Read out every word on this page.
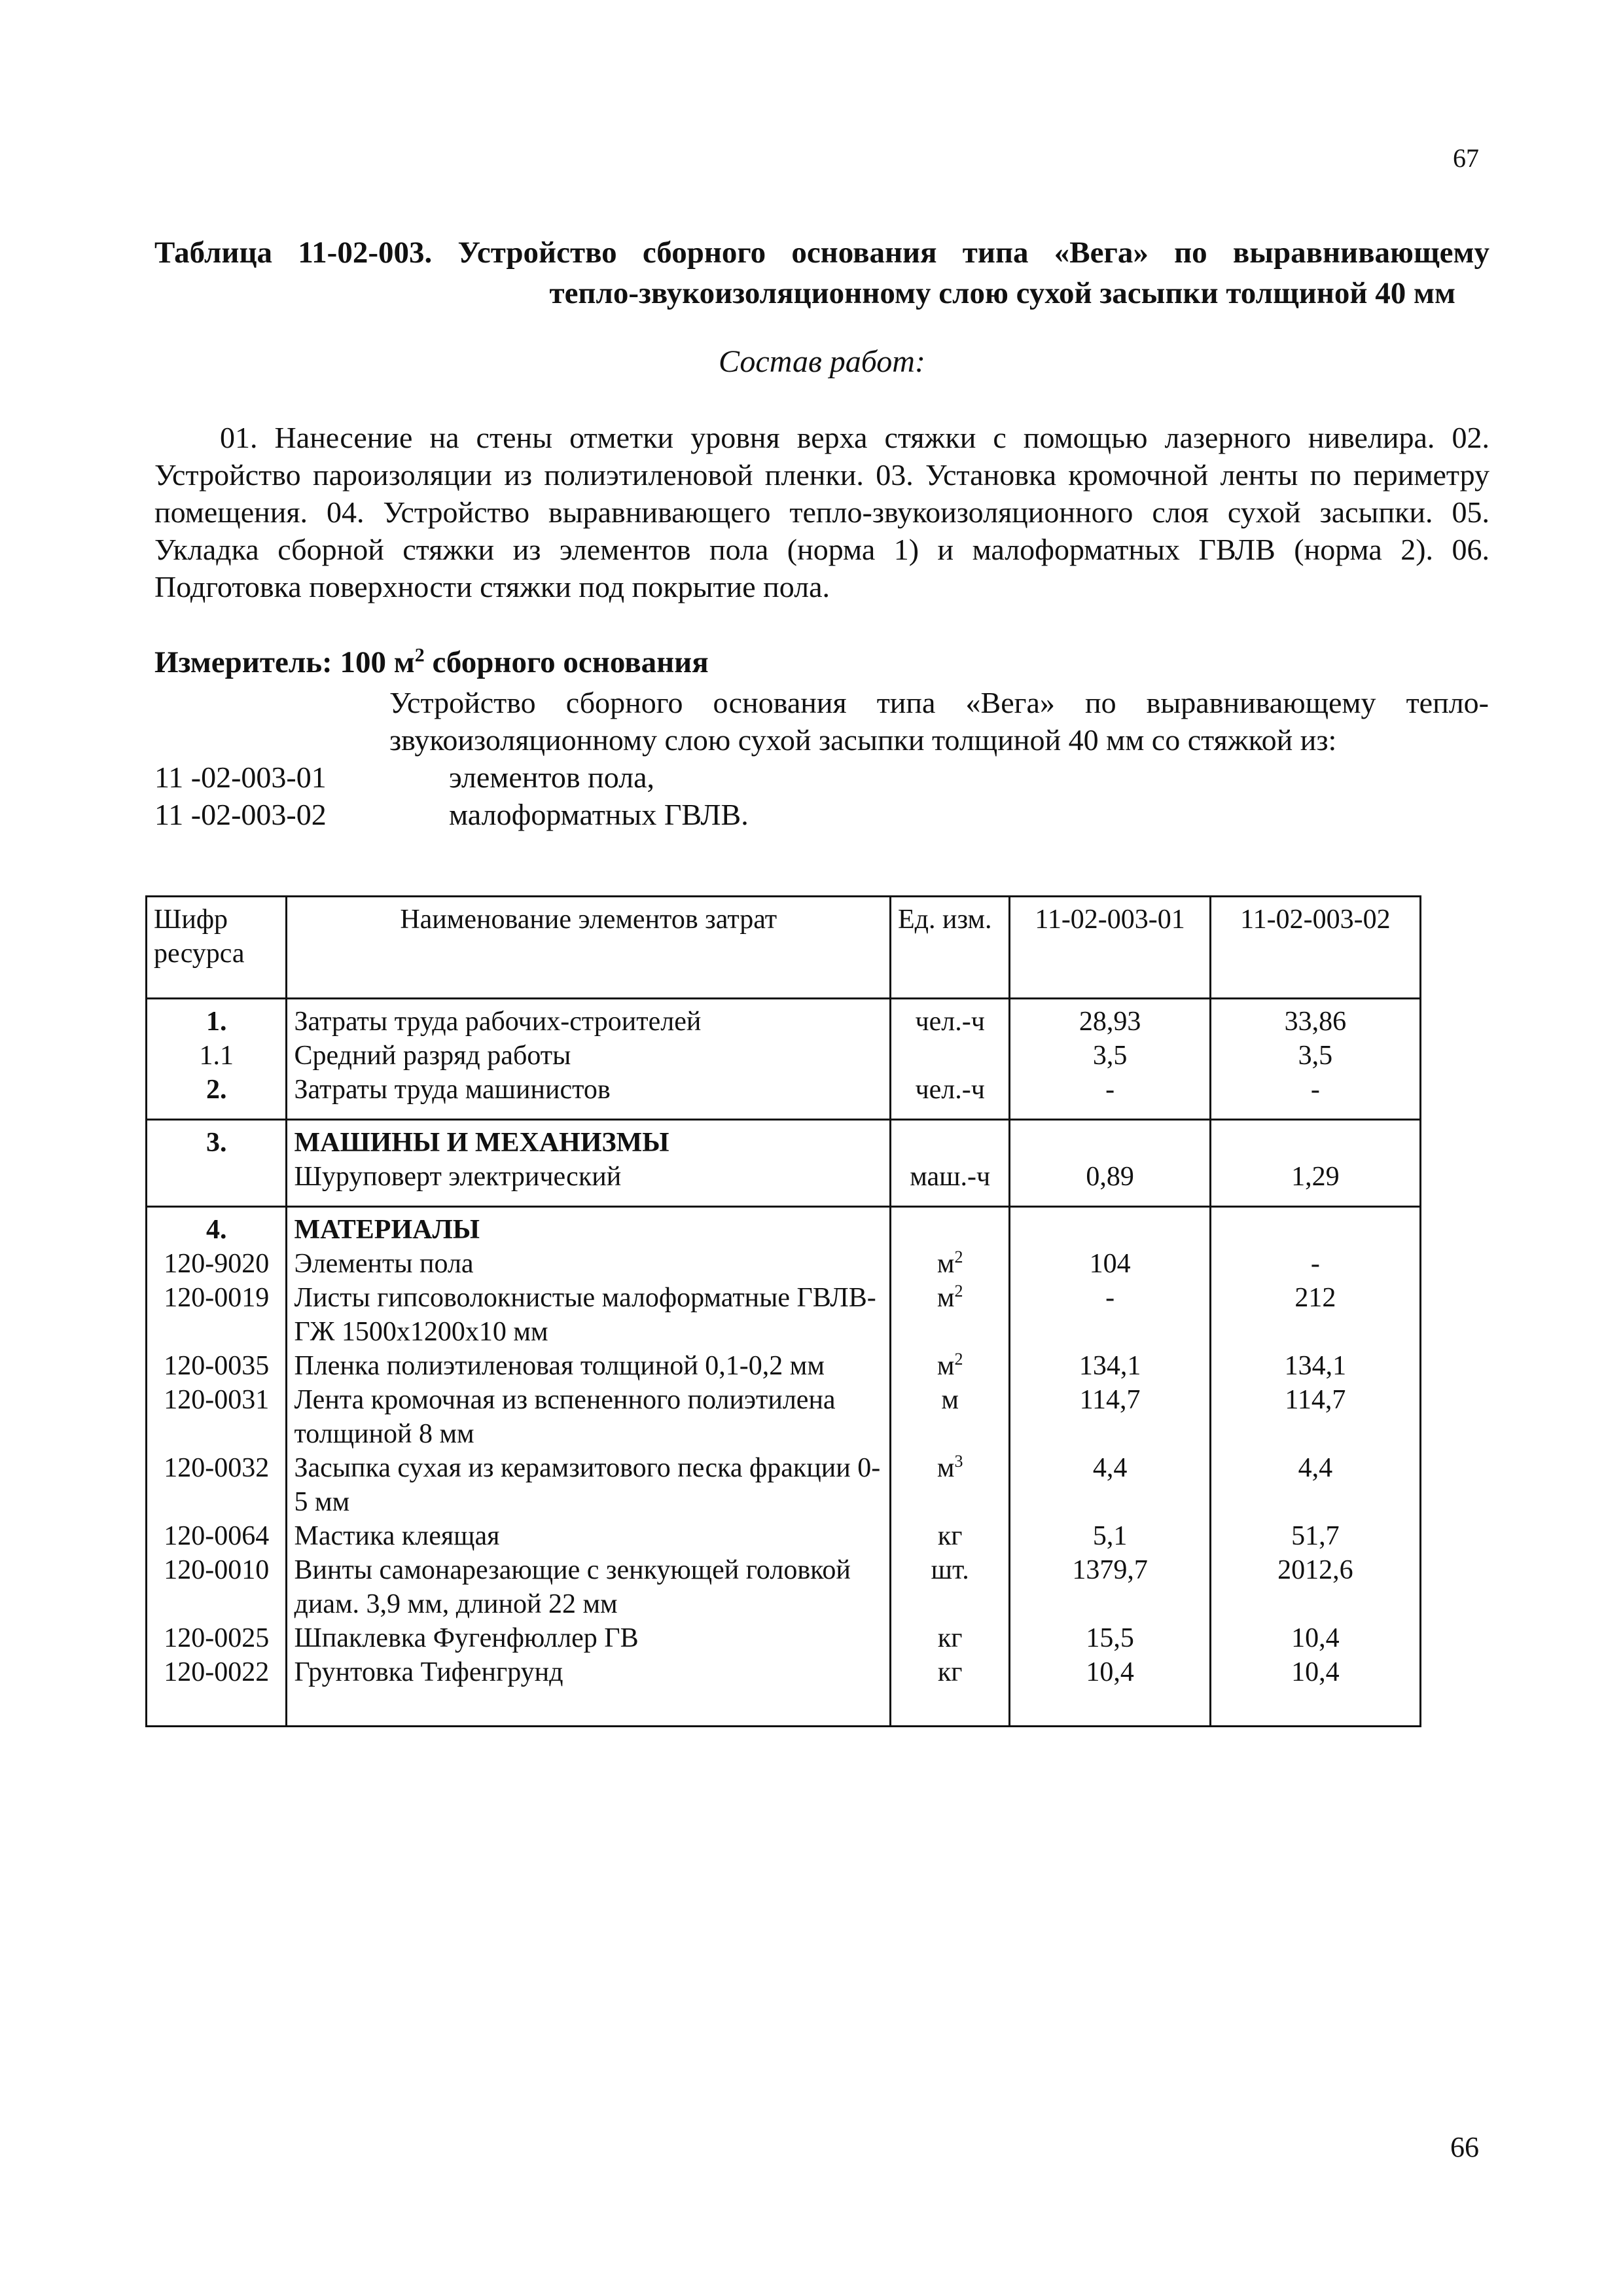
67
Таблица 11-02-003. Устройство сборного основания типа «Вега» по выравнивающему
тепло-звукоизоляционному слою сухой засыпки толщиной 40 мм
Состав работ:
01. Нанесение на стены отметки уровня верха стяжки с помощью лазерного нивелира. 02. Устройство пароизоляции из полиэтиленовой пленки. 03. Установка кромочной ленты по периметру помещения. 04. Устройство выравнивающего тепло-звукоизоляционного слоя сухой засыпки. 05. Укладка сборной стяжки из элементов пола (норма 1) и малоформатных ГВЛВ (норма 2). 06. Подготовка поверхности стяжки под покрытие пола.
Измеритель: 100 $м^2$ сборного основания
Устройство сборного основания типа «Вега» по выравнивающему тепло-звукоизоляционному слою сухой засыпки толщиной 40 мм со стяжкой из:
11 -02-003-01	элементов пола,
11 -02-003-02	малоформатных ГВЛВ.
Шифр ресурса	Наименование элементов затрат	Ед. изм.	11-02-003-01	11-02-003-02
1.	Затраты труда рабочих-строителей	чел.-ч	28,93	33,86
1.1	Средний разряд работы		3,5	3,5
2.	Затраты труда машинистов	чел.-ч	-	-
3.	МАШИНЫ И МЕХАНИЗМЫ			
	Шуруповерт электрический	маш.-ч	0,89	1,29
4.	МАТЕРИАЛЫ			
120-9020	Элементы пола	$м^2$	104	-
120-0019	Листы гипсоволокнистые малоформатные ГВЛВ-ГЖ 1500х1200х10 мм	$м^2$	-	212
120-0035	Пленка полиэтиленовая толщиной 0,1-0,2 мм	$м^2$	134,1	134,1
120-0031	Лента кромочная из вспененного полиэтилена толщиной 8 мм	м	114,7	114,7
120-0032	Засыпка сухая из керамзитового песка фракции 0-5 мм	$м^3$	4,4	4,4
120-0064	Мастика клеящая	кг	5,1	51,7
120-0010	Винты самонарезающие с зенкующей головкой диам. 3,9 мм, длиной 22 мм	шт.	1379,7	2012,6
120-0025	Шпаклевка Фугенфюллер ГВ	кг	15,5	10,4
120-0022	Грунтовка Тифенгрунд	кг	10,4	10,4
66
